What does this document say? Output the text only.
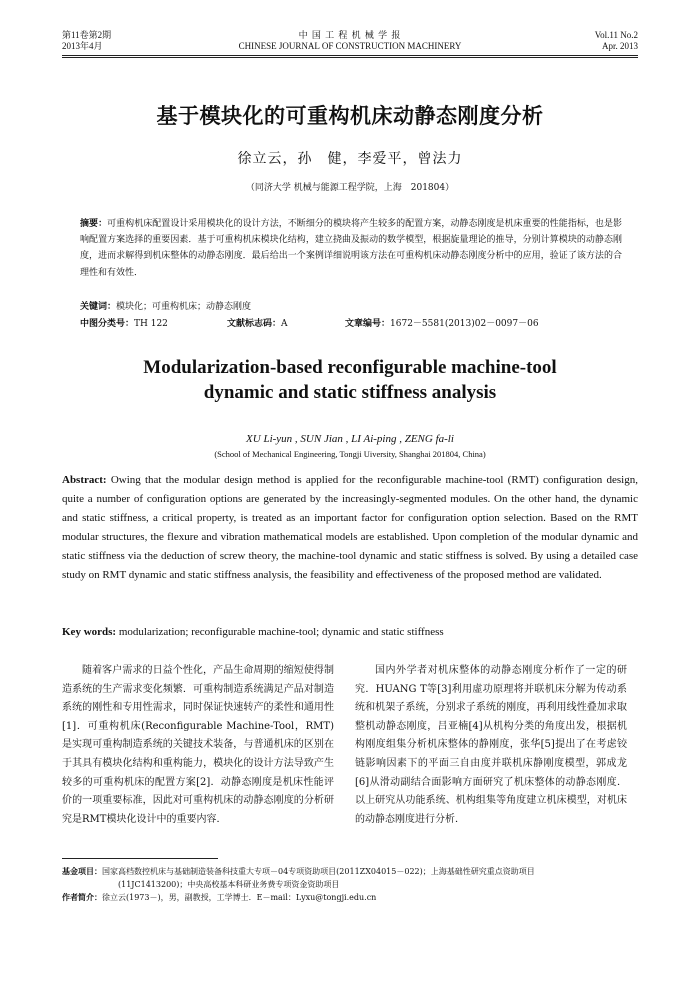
第11卷第2期
2013年4月
中 国 工 程 机 械 学 报
CHINESE JOURNAL OF CONSTRUCTION MACHINERY
Vol.11 No.2
Apr. 2013
基于模块化的可重构机床动静态刚度分析
徐立云，孙　健，李爱平，曾法力
（同济大学 机械与能源工程学院，上海　201804）
摘要：可重构机床配置设计采用模块化的设计方法，不断细分的模块将产生较多的配置方案，动静态刚度是机床重要的性能指标，也是影响配置方案选择的重要因素．基于可重构机床模块化结构，建立挠曲及振动的数学模型，根据旋量理论的推导，分别计算模块的动静态刚度，进而求解得到机床整体的动静态刚度．最后给出一个案例详细说明该方法在可重构机床动静态刚度分析中的应用，验证了该方法的合理性和有效性．
关键词：模块化；可重构机床；动静态刚度
中图分类号：TH 122	文献标志码：A	文章编号：1672－5581(2013)02－0097－06
Modularization-based reconfigurable machine-tool
dynamic and static stiffness analysis
XU Li-yun , SUN Jian , LI Ai-ping , ZENG fa-li
(School of Mechanical Engineering, Tongji Uiversity, Shanghai 201804, China)
Abstract: Owing that the modular design method is applied for the reconfigurable machine-tool (RMT) configuration design, quite a number of configuration options are generated by the increasingly-segmented modules. On the other hand, the dynamic and static stiffness, a critical property, is treated as an important factor for configuration option selection. Based on the RMT modular structures, the flexure and vibration mathematical models are established. Upon completion of the modular dynamic and static stiffness via the deduction of screw theory, the machine-tool dynamic and static stiffness is solved. By using a detailed case study on RMT dynamic and static stiffness analysis, the feasibility and effectiveness of the proposed method are validated.
Key words: modularization; reconfigurable machine-tool; dynamic and static stiffness
随着客户需求的日益个性化，产品生命周期的缩短使得制造系统的生产需求变化频繁．可重构制造系统满足产品对制造系统的刚性和专用性需求，同时保证快速转产的柔性和通用性[1]．可重构机床(Reconfigurable Machine-Tool，RMT)是实现可重构制造系统的关键技术装备，与普通机床的区别在于其具有模块化结构和重构能力，模块化的设计方法导致产生较多的可重构机床的配置方案[2]．动静态刚度是机床性能评价的一项重要标准，因此对可重构机床的动静态刚度的分析研究是RMT模块化设计中的重要内容．
国内外学者对机床整体的动静态刚度分析作了一定的研究．HUANG T等[3]利用虚功原理将并联机床分解为传动系统和机架子系统，分别求子系统的刚度，再利用线性叠加求取整机动静态刚度，吕亚楠[4]从机构分类的角度出发，根据机构刚度组集分析机床整体的静刚度，张华[5]提出了在考虑铰链影响因素下的平面三自由度并联机床静刚度模型，郭成龙[6]从滑动副结合面影响方面研究了机床整体的动静态刚度．以上研究从功能系统、机构组集等角度建立机床模型，对机床的动静态刚度进行分析．

基金项目：国家高档数控机床与基础制造装备科技重大专项－04专项资助项目(2011ZX04015－022)；上海基础性研究重点资助项目

(11JC1413200)；中央高校基本科研业务费专项资金资助项目

作者简介：徐立云(1973－)，男，副教授，工学博士．E－mail：Lyxu@tongji.edu.cn
